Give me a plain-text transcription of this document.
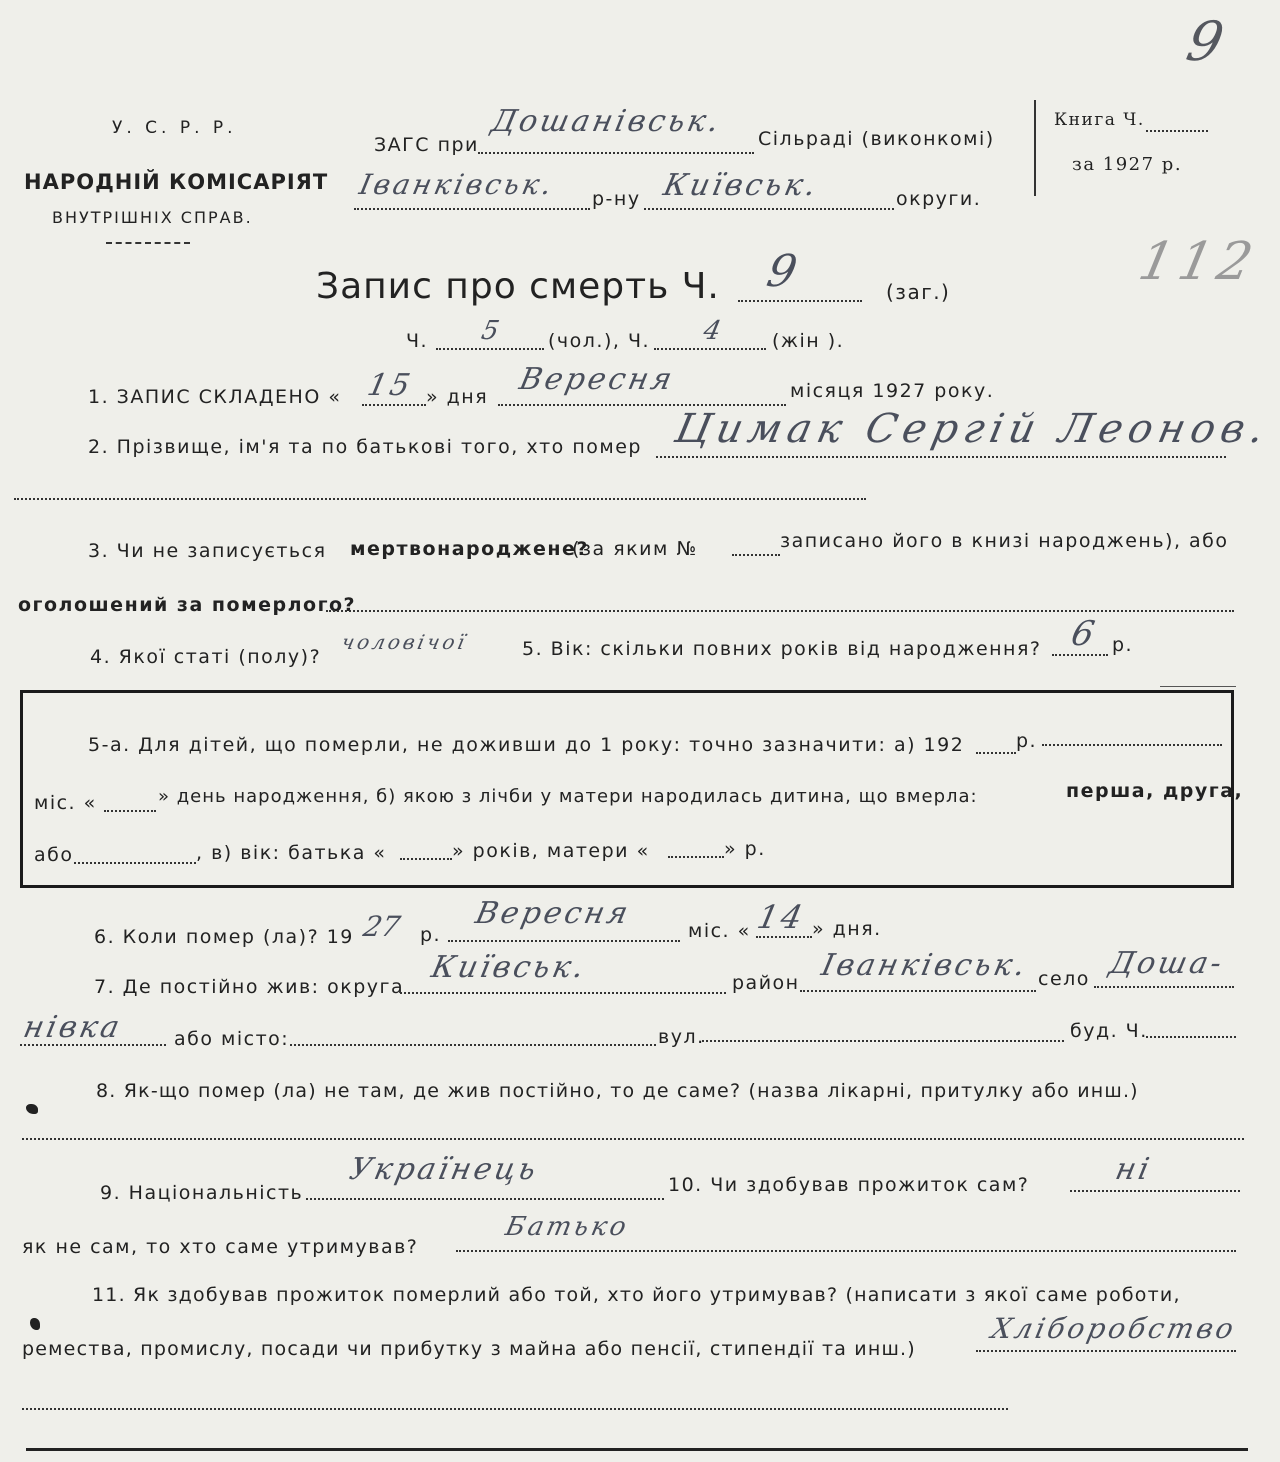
9
112
У. С. Р. Р.
НАРОДНІЙ КОМІСАРІЯТ
ВНУТРІШНІХ СПРАВ.
ЗАГС при
Дошанівськ. Сільраді (виконкомі)
Іванківськ. р-ну Київськ.	округи.
Книга Ч.
за 1927 р.
Запис про смерть Ч. 9	(заг.)
Ч. 5 (чол.), Ч. 4 (жін ).
1. ЗАПИС СКЛАДЕНО « 15 » дня Вересня	місяця 1927 року.
2. Прізвище, ім'я та по батькові того, хто помер Цимак Сергій Леонов.
3. Чи не записується мертвонароджене?
(за яким №	записано його в книзі народжень), або
оголошений за померлого?
4. Якої статі (полу)?
чоловічої	5. Вік: скільки повних років від народження? 6 р.
5-а. Для дітей, що померли, не доживши до 1 року: точно зазначити: а) 192	р.
міс. «	» день народження, б) якою з лічби у матери народилась дитина, що вмерла:	перша, друга,
або	, в) вік: батька «	» років, матери «	» р.
6. Коли помер (ла)? 19 27 р.
Вересня	міс. « 14 » дня.
7. Де постійно жив: округа
Київськ.	район Іванківськ. село Доша-
нівка	або місто:	вул.	буд. Ч.
8. Як-що помер (ла) не там, де жив постійно, то де саме? (назва лікарні, притулку або инш.)
9. Національність
Українець	10. Чи здобував прожиток сам?	ні
як не сам, то хто саме утримував?
Батько
11. Як здобував прожиток померлий або той, хто його утримував? (написати з якої саме роботи,
ремества, промислу, посади чи прибутку з майна або пенсії, стипендії та инш.)
Хліборобство
